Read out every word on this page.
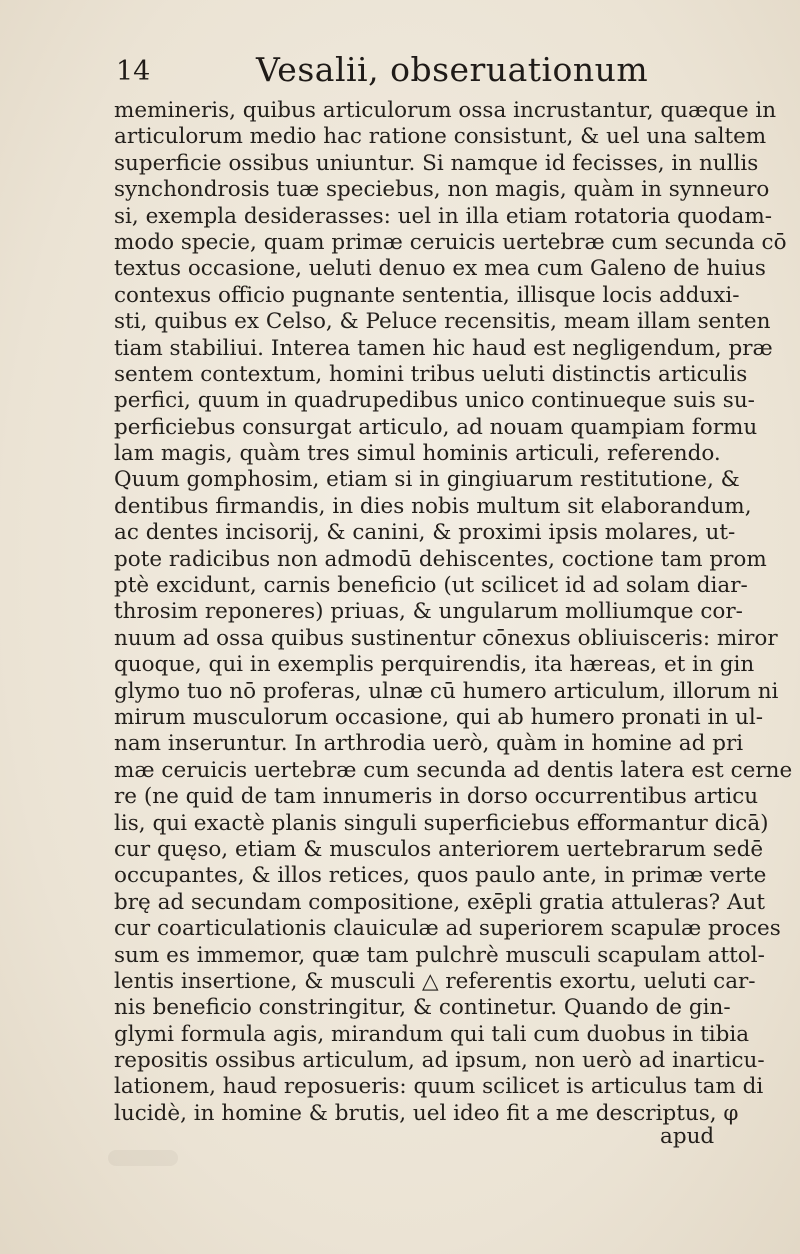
14	Vesalii, obseruationum
memineris, quibus articulorum ossa incrustantur, quæque in
articulorum medio hac ratione consistunt, & uel una saltem
superficie ossibus uniuntur. Si namque id fecisses, in nullis
synchondrosis tuæ speciebus, non magis, quàm in synneuro
si, exempla desiderasses: uel in illa etiam rotatoria quodam-
modo specie, quam primæ ceruicis uertebræ cum secunda cō
textus occasione, ueluti denuo ex mea cum Galeno de huius
contexus officio pugnante sententia, illisque locis adduxi-
sti, quibus ex Celso, & Peluce recensitis, meam illam senten
tiam stabiliui. Interea tamen hic haud est negligendum, præ
sentem contextum, homini tribus ueluti distinctis articulis
perfici, quum in quadrupedibus unico continueque suis su-
perficiebus consurgat articulo, ad nouam quampiam formu
lam magis, quàm tres simul hominis articuli, referendo.
Quum gomphosim, etiam si in gingiuarum restitutione, &
dentibus firmandis, in dies nobis multum sit elaborandum,
ac dentes incisorij, & canini, & proximi ipsis molares, ut-
pote radicibus non admodū dehiscentes, coctione tam prom
ptè excidunt, carnis beneficio (ut scilicet id ad solam diar-
throsim reponeres) priuas, & ungularum molliumque cor-
nuum ad ossa quibus sustinentur cōnexus obliuisceris: miror
quoque, qui in exemplis perquirendis, ita hæreas, et in gin
glymo tuo nō proferas, ulnæ cū humero articulum, illorum ni
mirum musculorum occasione, qui ab humero pronati in ul-
nam inseruntur. In arthrodia uerò, quàm in homine ad pri
mæ ceruicis uertebræ cum secunda ad dentis latera est cerne
re (ne quid de tam innumeris in dorso occurrentibus articu
lis, qui exactè planis singuli superficiebus efformantur dicā)
cur quęso, etiam & musculos anteriorem uertebrarum sedē
occupantes, & illos retices, quos paulo ante, in primæ verte
brę ad secundam compositione, exēpli gratia attuleras? Aut
cur coarticulationis clauiculæ ad superiorem scapulæ proces
sum es immemor, quæ tam pulchrè musculi scapulam attol-
lentis insertione, & musculi △ referentis exortu, ueluti car-
nis beneficio constringitur, & continetur. Quando de gin-
glymi formula agis, mirandum qui tali cum duobus in tibia
repositis ossibus articulum, ad ipsum, non uerò ad inarticu-
lationem, haud reposueris: quum scilicet is articulus tam di
lucidè, in homine & brutis, uel ideo fit a me descriptus, φ
apud
